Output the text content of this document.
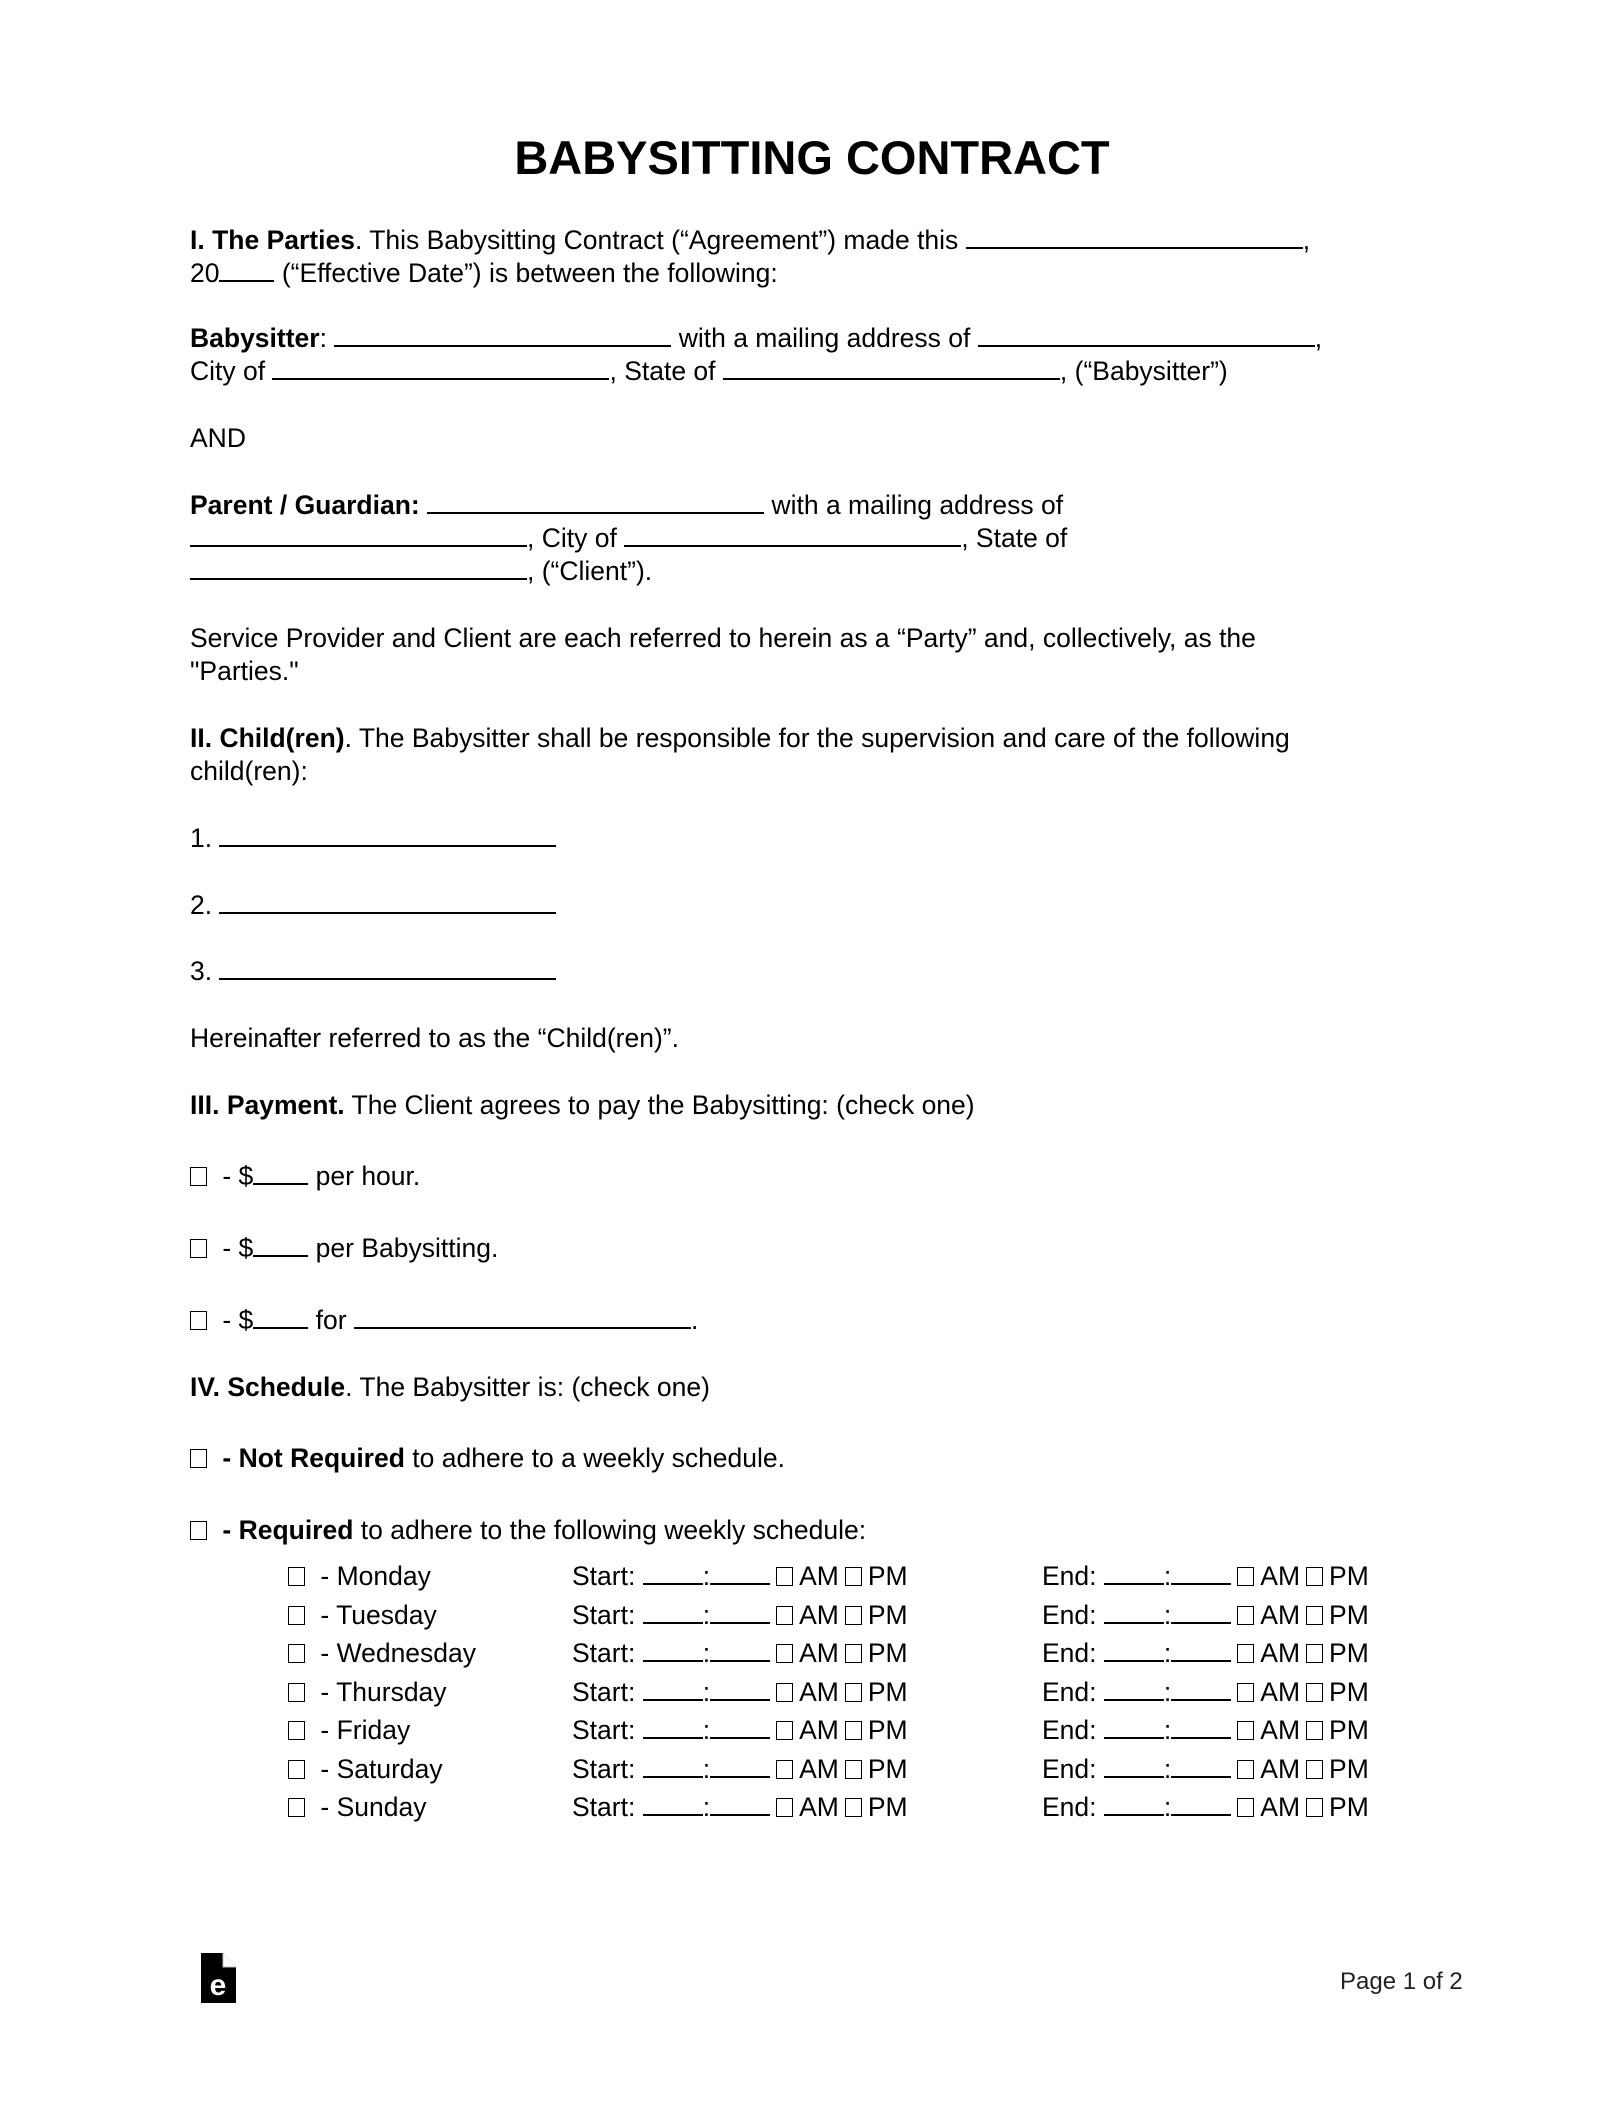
BABYSITTING CONTRACT
I. The Parties. This Babysitting Contract (“Agreement”) made this	,
20 (“Effective Date”) is between the following:
Babysitter:	with a mailing address of	,
City of	, State of	, (“Babysitter”)
AND
Parent / Guardian:	with a mailing address of
, City of	, State of
, (“Client”).
Service Provider and Client are each referred to herein as a “Party” and, collectively, as the
"Parties."
II. Child(ren). The Babysitter shall be responsible for the supervision and care of the following
child(ren):
1.
2.
3.
Hereinafter referred to as the “Child(ren)”.
III. Payment. The Client agrees to pay the Babysitting: (check one)
- $ per hour.
- $ per Babysitting.
- $ for	.
IV. Schedule. The Babysitter is: (check one)
- Not Required to adhere to a weekly schedule.
- Required to adhere to the following weekly schedule:
- Monday	Start:	:	AM PM	End:	:	AM PM
- Tuesday	Start:	:	AM PM	End:	:	AM PM
- Wednesday	Start:	:	AM PM	End:	:	AM PM
- Thursday	Start:	:	AM PM	End:	:	AM PM
- Friday	Start:	:	AM PM	End:	:	AM PM
- Saturday	Start:	:	AM PM	End:	:	AM PM
- Sunday	Start:	:	AM PM	End:	:	AM PM
e	Page 1 of 2
